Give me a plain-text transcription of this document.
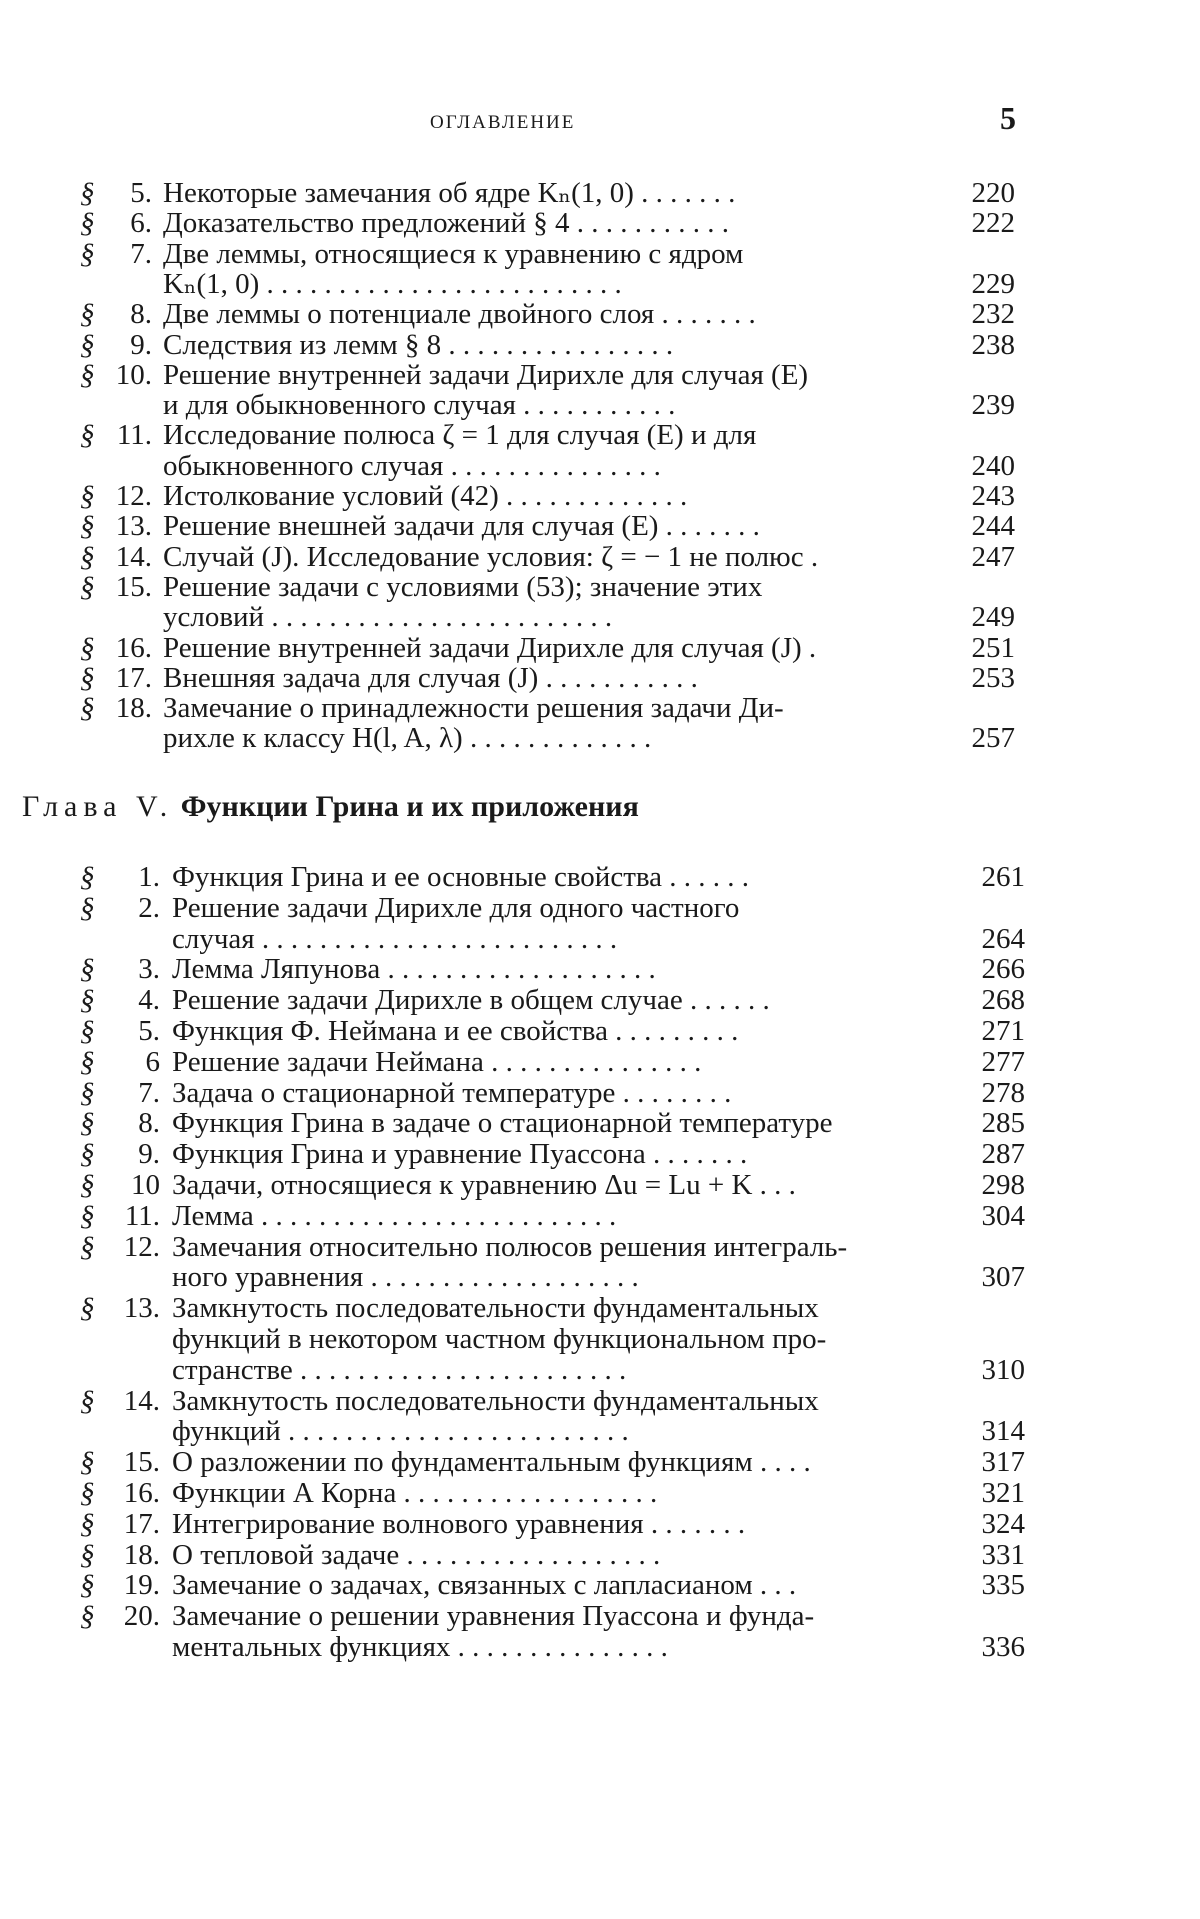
ОГЛАВЛЕНИЕ	5
§	5. Некоторые замечания об ядре Kₙ(1, 0) . . . . . . .	220
§	6. Доказательство предложений § 4 . . . . . . . . . . .	222
§	7. Две леммы, относящиеся к уравнению с ядром
Kₙ(1, 0) . . . . . . . . . . . . . . . . . . . . . . . . .	229
§	8. Две леммы о потенциале двойного слоя . . . . . . .	232
§	9. Следствия из лемм § 8 . . . . . . . . . . . . . . . .	238
§ 10. Решение внутренней задачи Дирихле для случая (E)
и для обыкновенного случая . . . . . . . . . . .	239
§ 11. Исследование полюса ζ = 1 для случая (E) и для
обыкновенного случая . . . . . . . . . . . . . . .	240
§ 12. Истолкование условий (42) . . . . . . . . . . . . .	243
§ 13. Решение внешней задачи для случая (E) . . . . . . .	244
§ 14. Случай (J). Исследование условия: ζ = − 1 не полюс .	247
§ 15. Решение задачи с условиями (53); значение этих
условий . . . . . . . . . . . . . . . . . . . . . . . .	249
§ 16. Решение внутренней задачи Дирихле для случая (J) .	251
§ 17. Внешняя задача для случая (J) . . . . . . . . . . .	253
§ 18. Замечание о принадлежности решения задачи Ди-
рихле к классу H(l, A, λ) . . . . . . . . . . . . .	257
Глава V. Функции Грина и их приложения
§	1. Функция Грина и ее основные свойства . . . . . .	261
§	2. Решение задачи Дирихле для одного частного
случая . . . . . . . . . . . . . . . . . . . . . . . . .	264
§	3. Лемма Ляпунова . . . . . . . . . . . . . . . . . . .	266
§	4. Решение задачи Дирихле в общем случае . . . . . .	268
§	5. Функция Ф. Неймана и ее свойства . . . . . . . . .	271
§	6 Решение задачи Неймана . . . . . . . . . . . . . . .	277
§	7. Задача о стационарной температуре . . . . . . . .	278
§	8. Функция Грина в задаче о стационарной температуре	285
§	9. Функция Грина и уравнение Пуассона . . . . . . .	287
§	10 Задачи, относящиеся к уравнению Δu = Lu + K . . .	298
§	11. Лемма . . . . . . . . . . . . . . . . . . . . . . . . .	304
§	12. Замечания относительно полюсов решения интеграль-
ного уравнения . . . . . . . . . . . . . . . . . . .	307
§	13. Замкнутость последовательности фундаментальных
функций в некотором частном функциональном про-
странстве . . . . . . . . . . . . . . . . . . . . . . .	310
§	14. Замкнутость последовательности фундаментальных
функций . . . . . . . . . . . . . . . . . . . . . . . .	314
§	15. О разложении по фундаментальным функциям . . . .	317
§	16. Функции А Корна . . . . . . . . . . . . . . . . . .	321
§	17. Интегрирование волнового уравнения . . . . . . .	324
§	18. О тепловой задаче . . . . . . . . . . . . . . . . . .	331
§	19. Замечание о задачах, связанных с лапласианом . . .	335
§	20. Замечание о решении уравнения Пуассона и фунда-
ментальных функциях . . . . . . . . . . . . . . .	336
